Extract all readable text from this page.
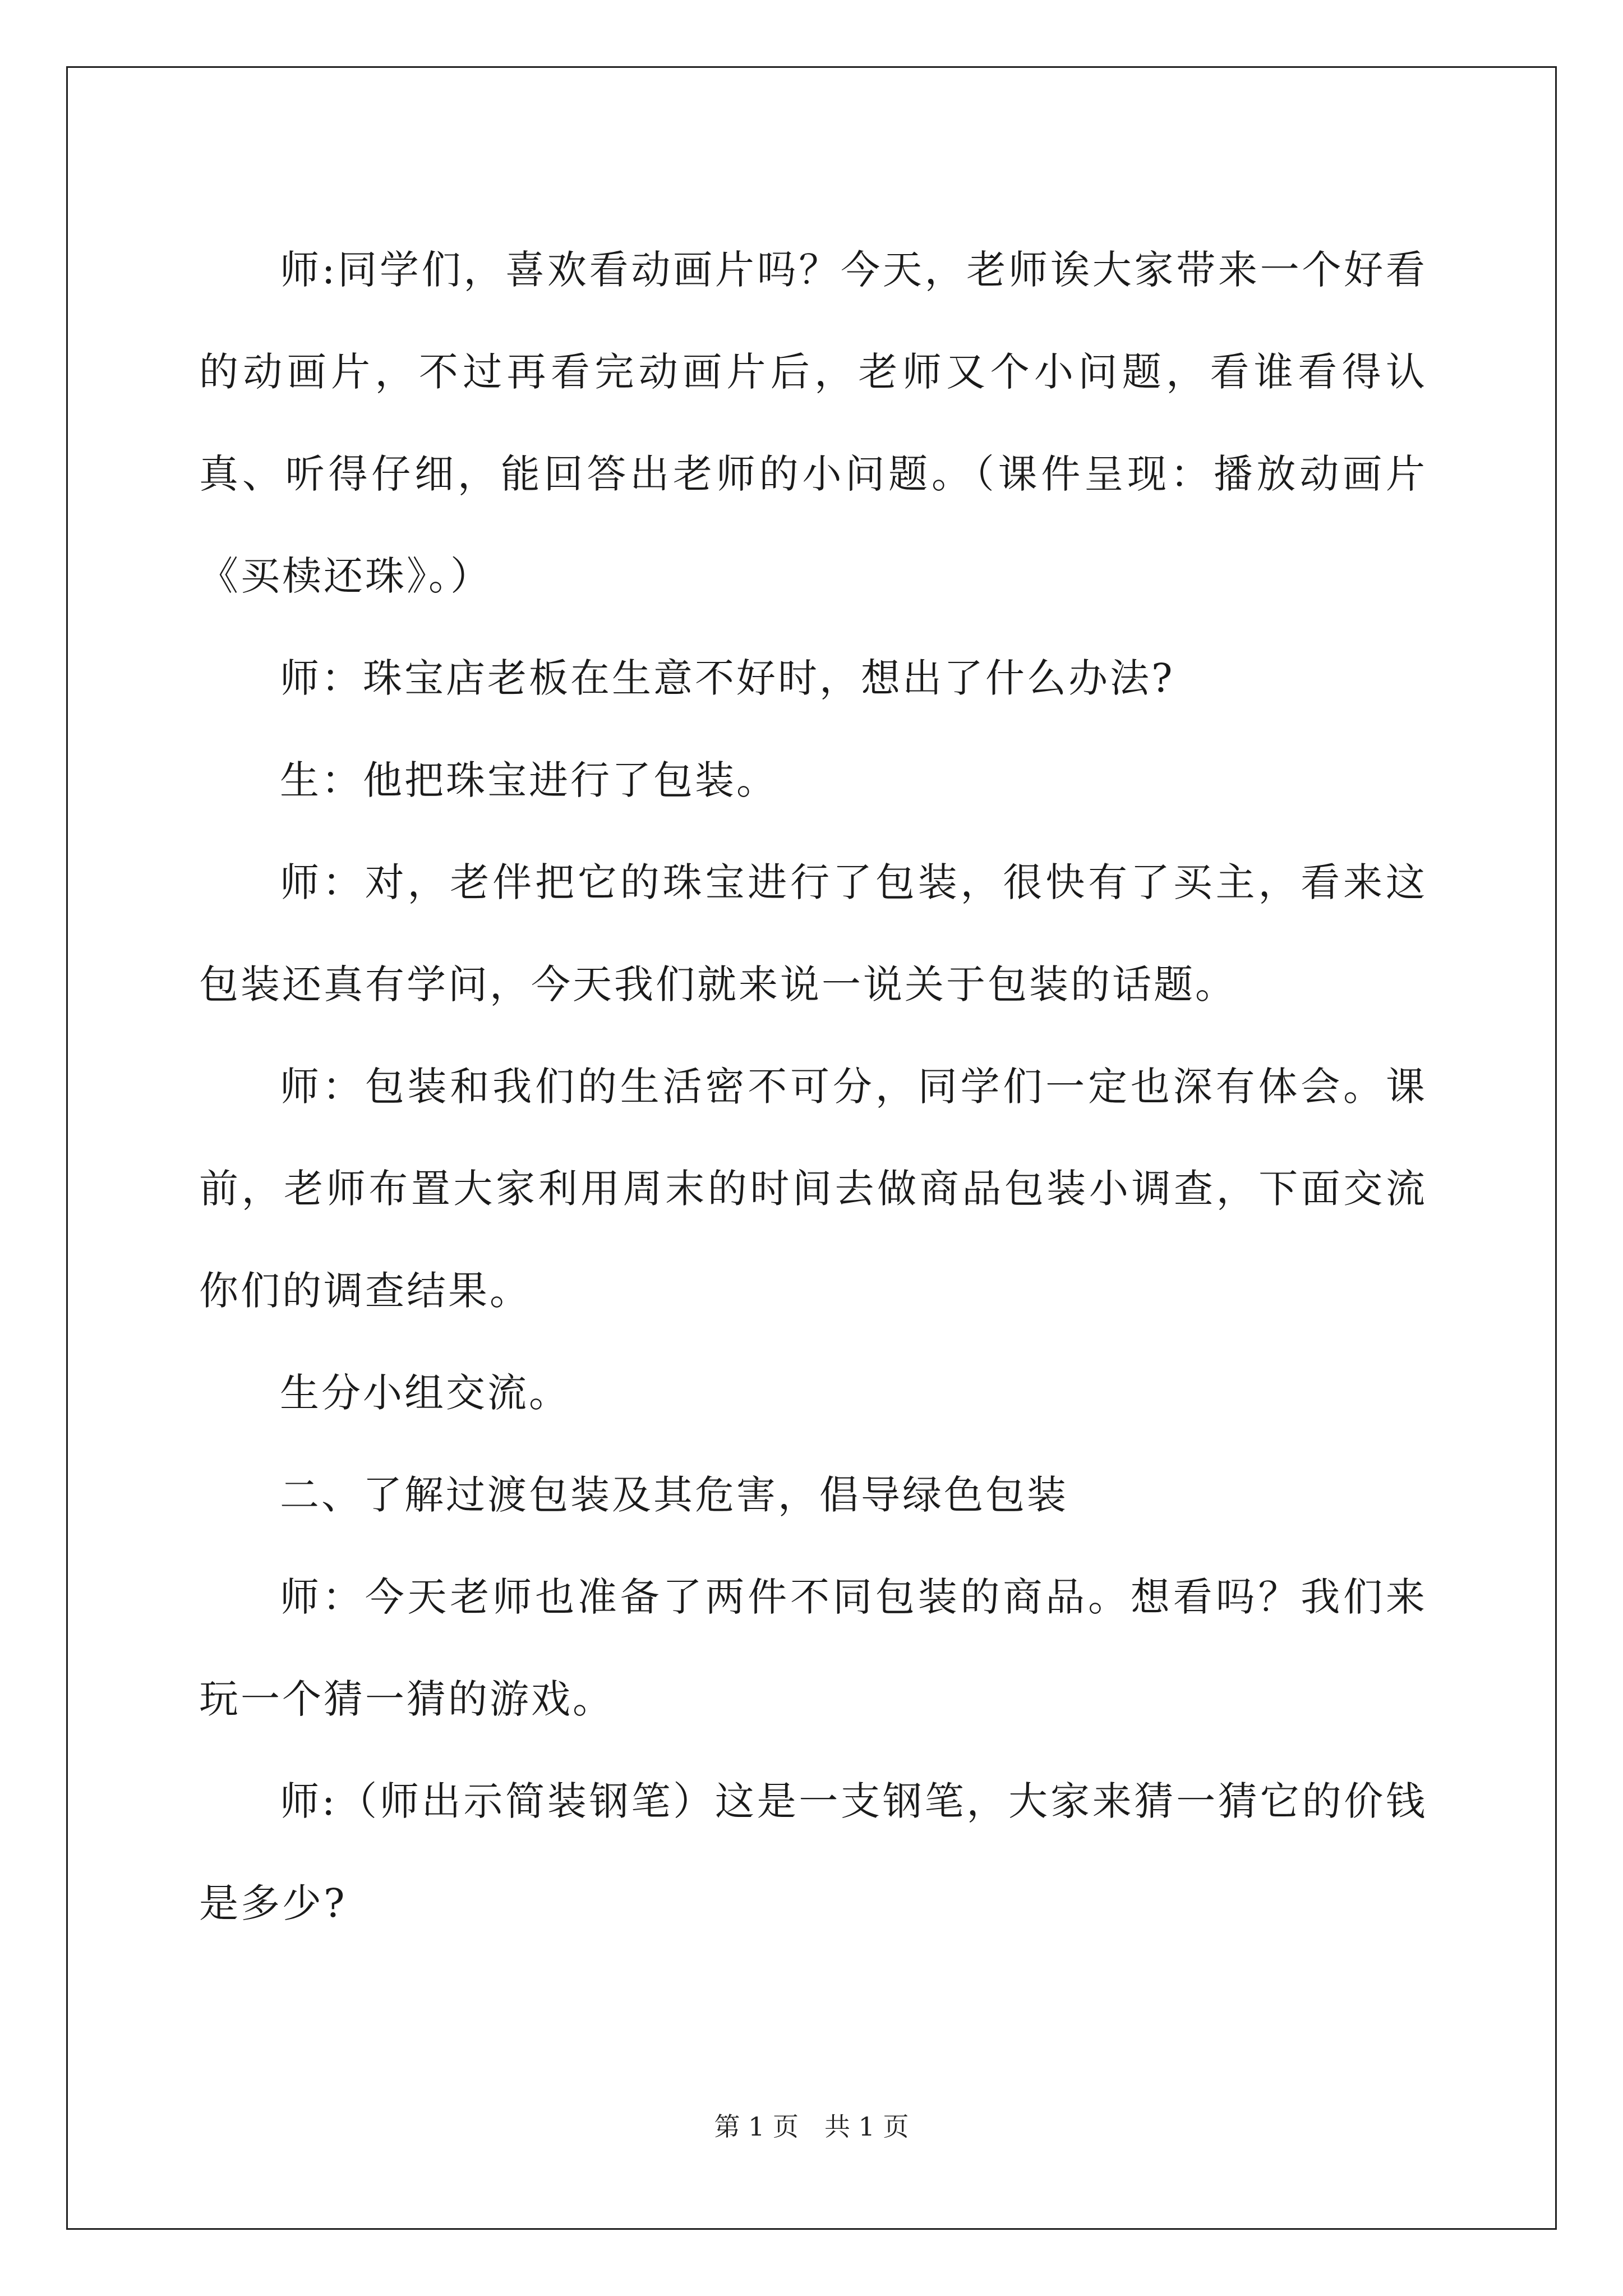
师:同学们，喜欢看动画片吗？今天，老师诶大家带来一个好看的动画片，不过再看完动画片后，老师又个小问题，看谁看得认真、听得仔细，能回答出老师的小问题。（课件呈现：播放动画片《买椟还珠》。）

师：珠宝店老板在生意不好时，想出了什么办法?

生：他把珠宝进行了包装。

师：对，老伴把它的珠宝进行了包装，很快有了买主，看来这包装还真有学问，今天我们就来说一说关于包装的话题。

师：包装和我们的生活密不可分，同学们一定也深有体会。课前，老师布置大家利用周末的时间去做商品包装小调查，下面交流你们的调查结果。

生分小组交流。

二、了解过渡包装及其危害，倡导绿色包装

师：今天老师也准备了两件不同包装的商品。想看吗？我们来玩一个猜一猜的游戏。

师:（师出示简装钢笔）这是一支钢笔，大家来猜一猜它的价钱是多少?

第 1 页　共 1 页
